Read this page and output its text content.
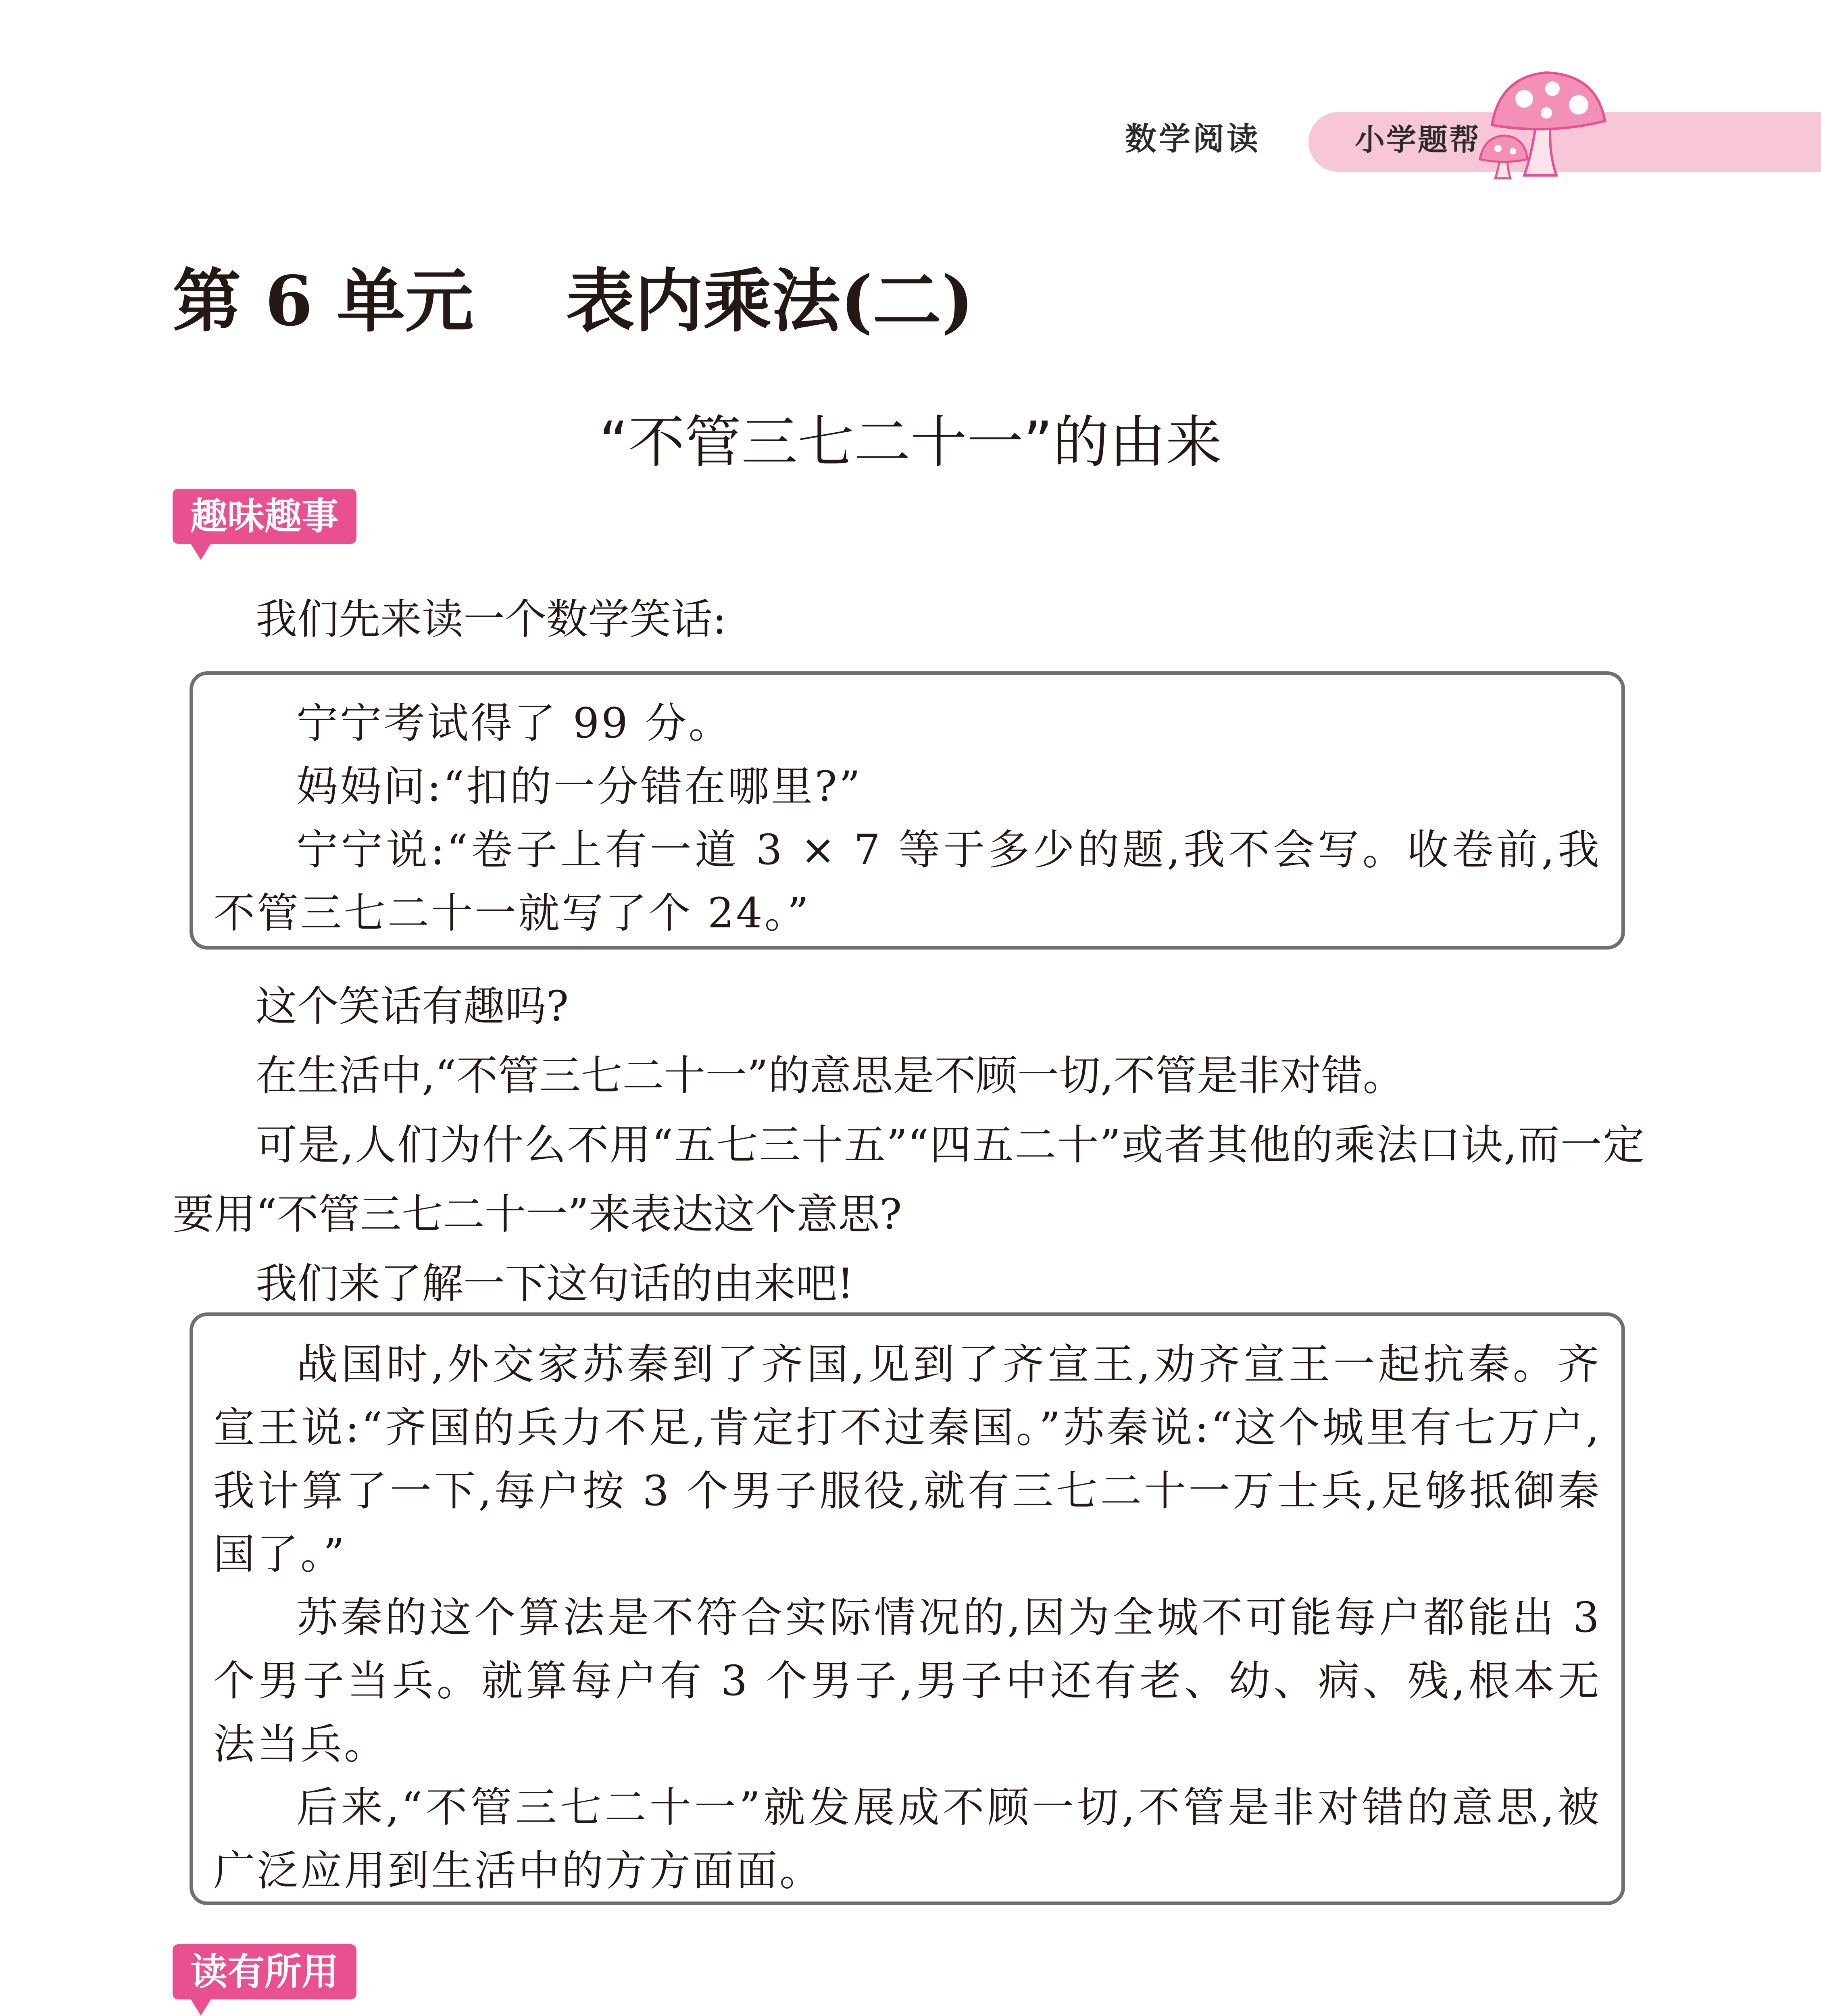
数学阅读	小学题帮
第 6 单元　 表内乘法(二)
“不管三七二十一”的由来
趣味趣事
我们先来读一个数学笑话:

宁宁考试得了 99 分。

妈妈问:“扣的一分错在哪里?”

宁宁说:“卷子上有一道 3 × 7 等于多少的题,我不会写。收卷前,我不管三七二十一就写了个 24。”

这个笑话有趣吗?
在生活中,“不管三七二十一”的意思是不顾一切,不管是非对错。
可是,人们为什么不用“五七三十五”“四五二十”或者其他的乘法口诀,而一定要用“不管三七二十一”来表达这个意思?
我们来了解一下这句话的由来吧!

战国时,外交家苏秦到了齐国,见到了齐宣王,劝齐宣王一起抗秦。齐宣王说:“齐国的兵力不足,肯定打不过秦国。”苏秦说:“这个城里有七万户,我计算了一下,每户按 3 个男子服役,就有三七二十一万士兵,足够抵御秦国了。”

苏秦的这个算法是不符合实际情况的,因为全城不可能每户都能出 3 个男子当兵。就算每户有 3 个男子,男子中还有老、幼、病、残,根本无法当兵。

后来,“不管三七二十一”就发展成不顾一切,不管是非对错的意思,被广泛应用到生活中的方方面面。

读有所用
